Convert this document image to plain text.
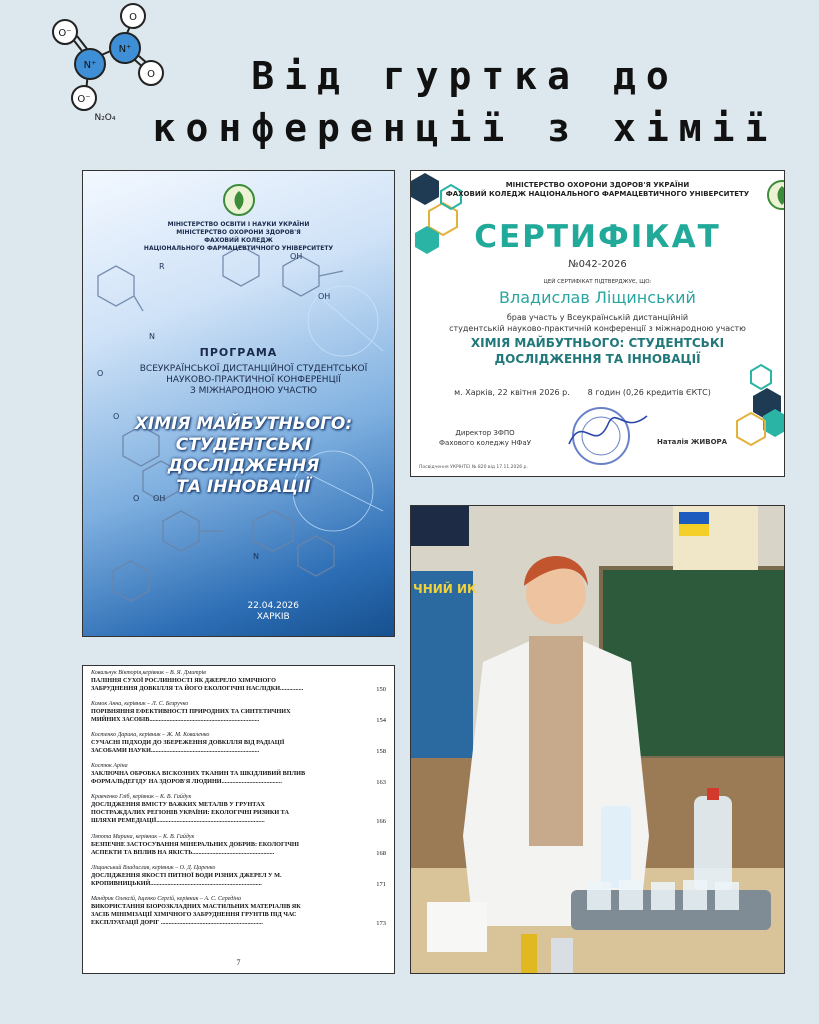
O⁻
O
N⁺
N⁺
O
O⁻
N₂O₄
Від гуртка до
конференції з хімії
МІНІСТЕРСТВО ОСВІТИ І НАУКИ УКРАЇНИ
МІНІСТЕРСТВО ОХОРОНИ ЗДОРОВ'Я
ФАХОВИЙ КОЛЕДЖ
НАЦІОНАЛЬНОГО ФАРМАЦЕВТИЧНОГО УНІВЕРСИТЕТУ
ПРОГРАМА
ВСЕУКРАЇНСЬКОЇ ДИСТАНЦІЙНОЇ СТУДЕНТСЬКОЇ
НАУКОВО-ПРАКТИЧНОЇ КОНФЕРЕНЦІЇ
З МІЖНАРОДНОЮ УЧАСТЮ
ХІМІЯ МАЙБУТНЬОГО:
СТУДЕНТСЬКІ ДОСЛІДЖЕННЯ
ТА ІННОВАЦІЇ
R
OH
OH
O
N
O
O OH
N
22.04.2026
ХАРКІВ
МІНІСТЕРСТВО ОХОРОНИ ЗДОРОВ'Я УКРАЇНИ
ФАХОВИЙ КОЛЕДЖ НАЦІОНАЛЬНОГО ФАРМАЦЕВТИЧНОГО УНІВЕРСИТЕТУ
СЕРТИФІКАТ
№042-2026
ЦЕЙ СЕРТИФІКАТ ПІДТВЕРДЖУЄ, ЩО:
Владислав Ліщинський
брав участь у Всеукраїнській дистанційній
студентській науково-практичній конференції з міжнародною участю
ХІМІЯ МАЙБУТНЬОГО: СТУДЕНТСЬКІ
ДОСЛІДЖЕННЯ ТА ІННОВАЦІЇ
м. Харків, 22 квітня 2026 р. 8 годин (0,26 кредитів ЄКТС)
Директор ЗФПО
Фахового коледжу НФаУ	Наталія ЖИВОРА
Посвідчення УКРІНТЕІ № 820 від 17.11.2026 р.
Ковальчук Вікторія,керівник – В. Я. Дмитрів
ПАЛІННЯ СУХОЇ РОСЛИННОСТІ ЯК ДЖЕРЕЛО ХІМІЧНОГО
ЗАБРУДНЕННЯ ДОВКІЛЛЯ ТА ЙОГО ЕКОЛОГІЧНІ НАСЛІДКИ...............	150
Комок Анна, керівник – Л. С. Безручко
ПОРІВНЯННЯ ЕФЕКТИВНОСТІ ПРИРОДНИХ ТА СИНТЕТИЧНИХ
МИЙНИХ ЗАСОБІВ.......................................................................	154
Костенко Дарина, керівник – Ж. М. Коваленко
СУЧАСНІ ПІДХОДИ ДО ЗБЕРЕЖЕННЯ ДОВКІЛЛЯ ВІД РАДІАЦІЇ
ЗАСОБАМИ НАУКИ......................................................................	158
Костюк Аріна
ЗАКЛЮЧНА ОБРОБКА ВІСКОЗНИХ ТКАНИН ТА ШКІДЛИВИЙ ВПЛИВ
ФОРМАЛЬДЕГІДУ НА ЗДОРОВ'Я ЛЮДИНИ.......................................	163
Кравченко Гліб, керівник – К. В. Гайдук
ДОСЛІДЖЕННЯ ВМІСТУ ВАЖКИХ МЕТАЛІВ У ГРУНТАХ
ПОСТРАЖДАЛИХ РЕГІОНІВ УКРАЇНИ: ЕКОЛОГІЧНІ РИЗИКИ ТА
ШЛЯХИ РЕМЕДІАЦІЇ......................................................................	166
Ляпота Марина, керівник – К. В. Гайдук
БЕЗПЕЧНЕ ЗАСТОСУВАННЯ МІНЕРАЛЬНИХ ДОБРИВ: ЕКОЛОГІЧНІ
АСПЕКТИ ТА ВПЛИВ НА ЯКІСТЬ.....................................................	168
Ліщинський Владислав, керівник – О. Д. Царенко
ДОСЛІДЖЕННЯ ЯКОСТІ ПИТНОЇ ВОДИ РІЗНИХ ДЖЕРЕЛ У М.
КРОПИВНИЦЬКИЙ........................................................................	171
Мандрик Олексій, Іщенко Сергій, керівник – А. С. Середіна
ВИКОРИСТАННЯ БІОРОЗКЛАДНИХ МАСТИЛЬНИХ МАТЕРІАЛІВ ЯК
ЗАСІБ МІНІМІЗАЦІЇ ХІМІЧНОГО ЗАБРУДНЕННЯ ГРУНТІВ ПІД ЧАС
ЕКСПЛУАТАЦІЇ ДОРІГ ..................................................................	173
7
ЧНИЙ ИК
